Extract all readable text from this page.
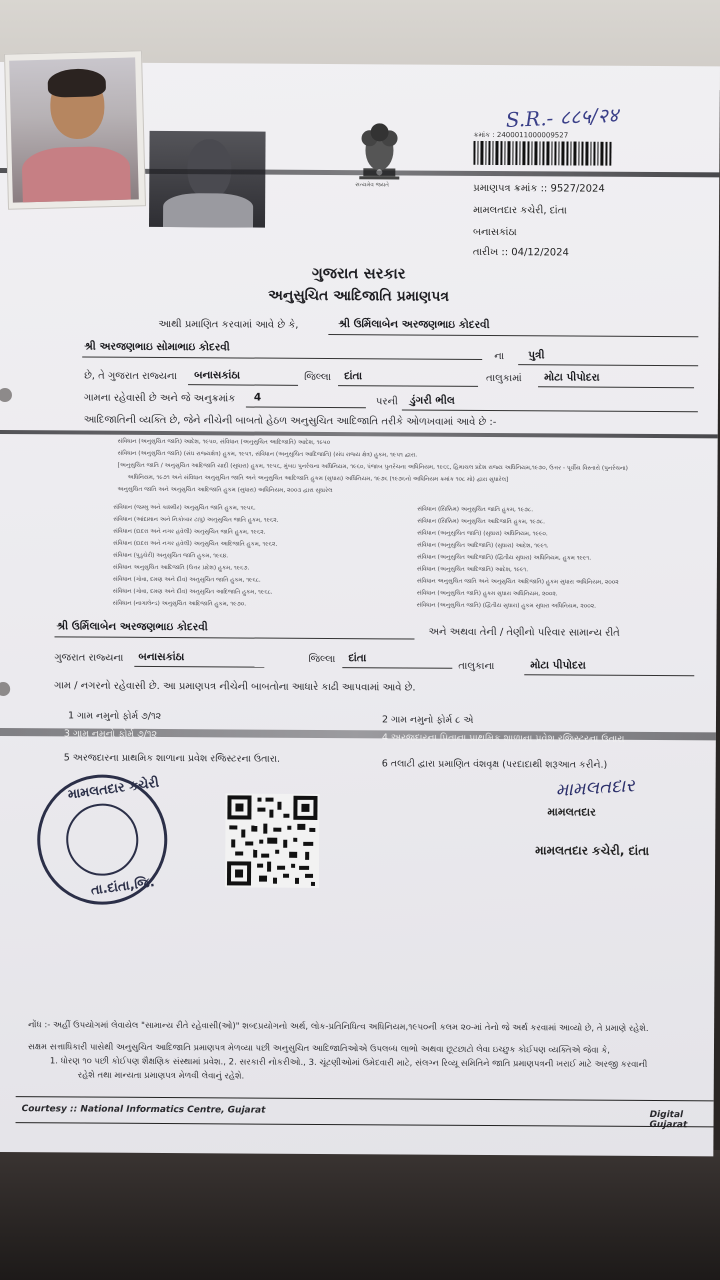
S.R.- ८८५/२४
સત્યમેવ જયતે
ક્રમાંક : 2400011000009527
પ્રમાણપત્ર ક્રમાંક :: 9527/2024
મામલતદાર કચેરી, દાંતા
બનાસકાંઠા
તારીખ :: 04/12/2024
ગુજરાત સરકાર
અનુસુચિત આદિજાતિ પ્રમાણપત્ર
આથી પ્રમાણિત કરવામાં આવે છે કે,	શ્રી ઉર્મિલાબેન અરજણભાઇ કોદરવી
શ્રી અરજણભાઇ સોમાભાઇ કોદરવી
ના પુત્રી
છે, તે ગુજરાત રાજ્યના બનાસકાંઠા	જિલ્લા દાંતા	તાલુકામાં મોટા પીપોદરા
ગામના રહેવાસી છે અને જે અનુક્રમાંક 4	પરની ડુંગરી ભીલ
આદિજાતિની વ્યક્તિ છે, જેને નીચેની બાબતો હેઠળ અનુસુચિત આદિજાતિ તરીકે ઓળખવામાં આવે છે :-
સંવિધાન (અનુસુચિત જાતિ) આદેશ, ૧૯૫૦, સંવિધાન (અનુસુચિત આદિજાતિ) આદેશ, ૧૯૫૦
સંવિધાન (અનુસુચિત જાતિ) (સંઘ રાજ્યક્ષેત્ર) હુકમ, ૧૯૫૧, સંવિધાન (અનુસુચિત આદિજાતિ) (સંઘ રાજ્ય ક્ષેત્ર) હુકમ, ૧૯૫૧ દ્વારા.
[અનુસુચિત જાતિ / અનુસુચિત આદિજાતિ યાદી (સુધારા) હુકમ, ૧૯૫૬, મુંબઇ પુનર્રચના અધિનિયમ, ૧૯૬૦, પંજાબ પુનર્રચના અધિનિયમ, ૧૯૬૬, હિમાચલ પ્રદેશ રાજ્ય અધિનિયમ,૧૯૭૦, ઉત્તર - પૂર્વીય વિસ્તારો (પુનર્રચના)
અધિનિયમ, ૧૯૭૧ અને સંવિધાન અનુસુચિત જાતિ અને અનુસુચિત આદિજાતિ હુકમ (સુધારા) અધિનિયમ, ૧૯૭૬ (૧૯૭૬નો અધિનિયમ ક્રમાંક ૧૦૮ મો) દ્વારા સુધારેલ]
અનુસુચિત જાતિ અને અનુસુચિત આદિજાતિ હુકમ (સુધારા) અધિનિયમ, ૨૦૦૩ દ્વારા સુધારેલ
સંવિધાન (જમ્મુ અને કાશ્મીર) અનુસુચિત જાતિ હુકમ, ૧૯૫૬.
સંવિધાન (આંદામાન અને નિકોબાર ટાપુ) અનુસુચિત જાતિ હુકમ, ૧૯૬૨.
સંવિધાન (દાદરા અને નગર હવેલી) અનુસુચિત જાતિ હુકમ, ૧૯૬૨.
સંવિધાન (દાદરા અને નગર હવેલી) અનુસુચિત આદિજાતિ હુકમ, ૧૯૬૨.
સંવિધાન (પુડુચેરી) અનુસુચિત જાતિ હુકમ, ૧૯૬૪.
સંવિધાન અનુસુચિત આદિજાતિ (ઉત્તર પ્રદેશ) હુકમ, ૧૯૬૭.
સંવિધાન (ગોવા, દમણ અને દીવ) અનુસુચિત જાતિ હુકમ, ૧૯૬૮.
સંવિધાન (ગોવા, દમણ અને દીવ) અનુસુચિત આદિજાતિ હુકમ, ૧૯૬૮.
સંવિધાન (નાગાલેન્ડ) અનુસુચિત આદિજાતિ હુકમ, ૧૯૭૦.
સંવિધાન (સિક્કિમ) અનુસુચિત જાતિ હુકમ, ૧૯૭૮.
સંવિધાન (સિક્કિમ) અનુસુચિત આદિજાતિ હુકમ, ૧૯૭૮.
સંવિધાન (અનુસુચિત જાતિ) (સુધારા) અધિનિયમ, ૧૯૯૦.
સંવિધાન (અનુસુચિત આદિજાતિ) (સુધારા) આદેશ, ૧૯૯૧.
સંવિધાન (અનુસુચિત આદિજાતિ) (દ્વિતીય સુધારા) અધિનિયમ, હુકમ ૧૯૯૧.
સંવિધાન (અનુસુચિત આદિજાતિ) આદેશ, ૧૯૯૧.
સંવિધાન અનુસુચિત જાતિ અને અનુસુચિત આદિજાતિ) હુકમ સુધારા અધિનિયમ, ૨૦૦૨
સંવિધાન (અનુસુચિત જાતિ) હુકમ સુધારા અધિનિયમ, ૨૦૦૨.
સંવિધાન (અનુસુચિત જાતિ) (દ્વિતીય સુધારા) હુકમ સુધારા અધિનિયમ, ૨૦૦૨.
શ્રી ઉર્મિલાબેન અરજણભાઇ કોદરવી	અને અથવા તેની / તેણીનો પરિવાર સામાન્ય રીતે
ગુજરાત રાજ્યના બનાસકાંઠા	જિલ્લા દાંતા
તાલુકાના	મોટા પીપોદરા
ગામ / નગરનો રહેવાસી છે. આ પ્રમાણપત્ર નીચેની બાબતોના આધારે કાઢી આપવામાં આવે છે.
1 ગામ નમુનો ફોર્મ ૭/૧૨	2 ગામ નમુનો ફોર્મ ૮ એ
3 ગામ નમુનો ફોર્મ ૭/૧૨	4 અરજદારના પિતાના પ્રાથમિક શાળાના પ્રવેશ રજિસ્ટરના ઉતારા
5 અરજદારના પ્રાથમિક શાળાના પ્રવેશ રજિસ્ટરના ઉતારા.	6 તલાટી દ્વારા પ્રમાણિત વંશવૃક્ષ (પરદાદાથી શરૂઆત કરીને.)
મામલતદાર કચેરી
તા.દાંતા,જિ.
મામલતદાર
મામલતદાર
મામલતદાર કચેરી, દાંતા
નોંધ :- અહીં ઉપયોગમાં લેવાયેલ "સામાન્ય રીતે રહેવાસી(ઓ)" શબ્દપ્રયોગનો અર્થ, લોક-પ્રતિનિધિત્વ અધિનિયમ,૧૯૫૦ની કલમ ૨૦-માં તેનો જે અર્થ કરવામાં આવ્યો છે, તે પ્રમાણે રહેશે.
સક્ષમ સત્તાધિકારી પાસેથી અનુસુચિત આદિજાતિ પ્રમાણપત્ર મેળવ્યા પછી અનુસુચિત આદિજાતિઓએ ઉપલબ્ધ લાભો અથવા છૂટછાટો લેવા ઇચ્છુક કોઈપણ વ્યક્તિએ જેવા કે,
1. ધોરણ ૧૦ પછી કોઈપણ શૈક્ષણિક સંસ્થામાં પ્રવેશ., 2. સરકારી નોકરીઓ., 3. ચૂંટણીઓમાં ઉમેદવારી માટે, સંલગ્ન રિવ્યૂ સમિતિને જાતિ પ્રમાણપત્રની ખરાઈ માટે અરજી કરવાની
રહેશે તથા માન્યતા પ્રમાણપત્ર મેળવી લેવાનું રહેશે.
Courtesy :: National Informatics Centre, Gujarat	Digital Gujarat
